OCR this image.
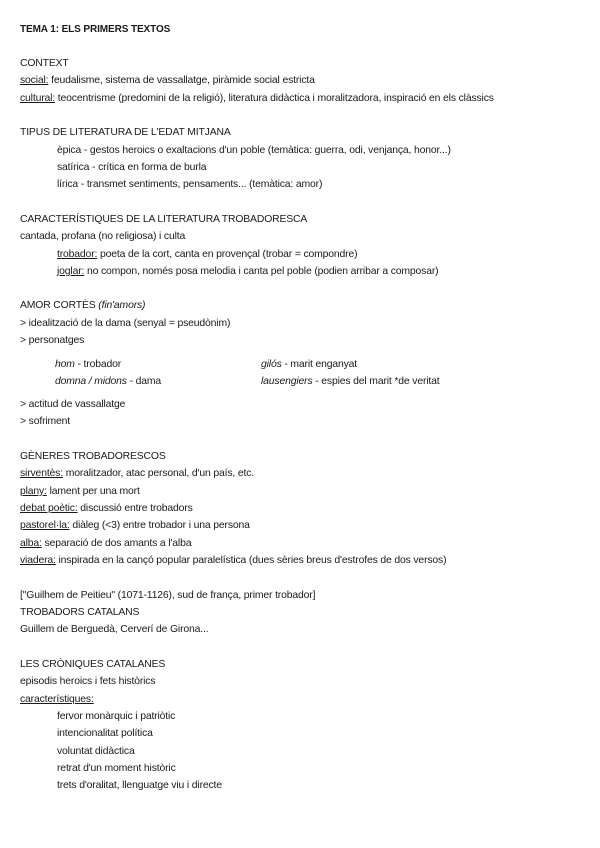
TEMA 1: ELS PRIMERS TEXTOS
CONTEXT
social: feudalisme, sistema de vassallatge, piràmide social estricta
cultural: teocentrisme (predomini de la religió), literatura didàctica i moralitzadora, inspiració en els clàssics
TIPUS DE LITERATURA DE L'EDAT MITJANA
èpica - gestos heroics o exaltacions d'un poble (temàtica: guerra, odi, venjança, honor...)
satírica - crítica en forma de burla
lírica - transmet sentiments, pensaments... (temàtica: amor)
CARACTERÍSTIQUES DE LA LITERATURA TROBADORESCA
cantada, profana (no religiosa) i culta
trobador: poeta de la cort, canta en provençal (trobar = compondre)
joglar: no compon, només posa melodia i canta pel poble (podien arribar a composar)
AMOR CORTÈS (fin'amors)
> idealització de la dama (senyal = pseudònim)
> personatges
hom - trobador
domna / midons - dama
gilós - marit enganyat
lausengiers - espies del marit *de veritat
> actitud de vassallatge
> sofriment
GÈNERES TROBADORESCOS
sirventès: moralitzador, atac personal, d'un país, etc.
plany: lament per una mort
debat poètic: discussió entre trobadors
pastorel·la: diàleg (<3) entre trobador i una persona
alba: separació de dos amants a l'alba
viadera: inspirada en la cançó popular paralelística (dues sèries breus d'estrofes de dos versos)
["Guilhem de Peitieu" (1071-1126), sud de frança, primer trobador]
TROBADORS CATALANS
Guillem de Berguedà, Cerverí de Girona...
LES CRÒNIQUES CATALANES
episodis heroics i fets històrics
característiques:
fervor monàrquic i patriòtic
intencionalitat política
voluntat didàctica
retrat d'un moment històric
trets d'oralitat, llenguatge viu i directe
